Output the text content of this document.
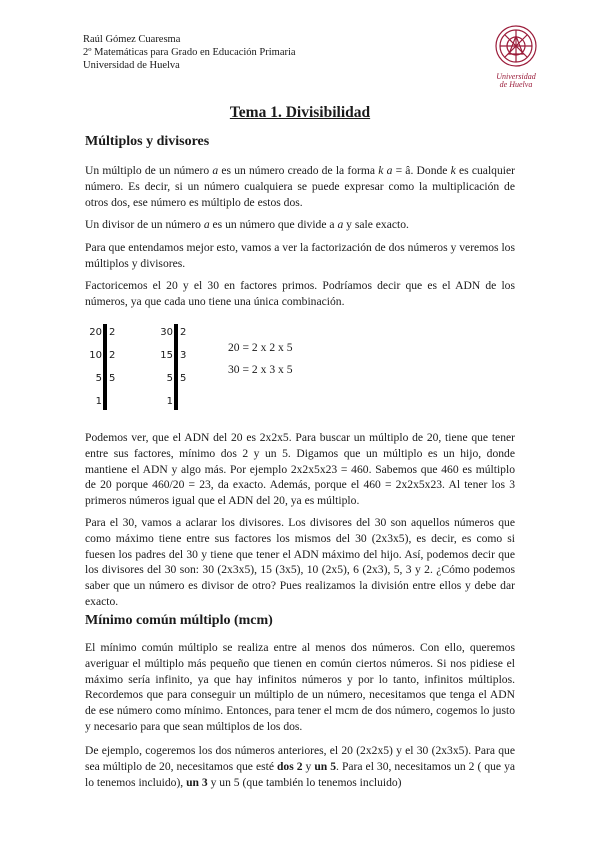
Raúl Gómez Cuaresma
2º Matemáticas para Grado en Educación Primaria
Universidad de Huelva
Universidad
de Huelva
Tema 1. Divisibilidad
Múltiplos y divisores
Un múltiplo de un número a es un número creado de la forma k a = â. Donde k es cualquier número. Es decir, si un número cualquiera se puede expresar como la multiplicación de otros dos, ese número es múltiplo de estos dos.
Un divisor de un número a es un número que divide a a y sale exacto.
Para que entendamos mejor esto, vamos a ver la factorización de dos números y veremos los múltiplos y divisores.
Factoricemos el 20 y el 30 en factores primos. Podríamos decir que es el ADN de los números, ya que cada uno tiene una única combinación.
20
10
5
1
2
2
5
30
15
5
1
2
3
5
20 = 2 x 2 x 5
30 = 2 x 3 x 5
Podemos ver, que el ADN del 20 es 2x2x5. Para buscar un múltiplo de 20, tiene que tener entre sus factores, mínimo dos 2 y un 5. Digamos que un múltiplo es un hijo, donde mantiene el ADN y algo más. Por ejemplo 2x2x5x23 = 460. Sabemos que 460 es múltiplo de 20 porque 460/20 = 23, da exacto. Además, porque el 460 = 2x2x5x23. Al tener los 3 primeros números igual que el ADN del 20, ya es múltiplo.
Para el 30, vamos a aclarar los divisores. Los divisores del 30 son aquellos números que como máximo tiene entre sus factores los mismos del 30 (2x3x5), es decir, es como si fuesen los padres del 30 y tiene que tener el ADN máximo del hijo. Así, podemos decir que los divisores del 30 son: 30 (2x3x5), 15 (3x5), 10 (2x5), 6 (2x3), 5, 3 y 2. ¿Cómo podemos saber que un número es divisor de otro? Pues realizamos la división entre ellos y debe dar exacto.
Mínimo común múltiplo (mcm)
El mínimo común múltiplo se realiza entre al menos dos números. Con ello, queremos averiguar el múltiplo más pequeño que tienen en común ciertos números. Si nos pidiese el máximo sería infinito, ya que hay infinitos números y por lo tanto, infinitos múltiplos. Recordemos que para conseguir un múltiplo de un número, necesitamos que tenga el ADN de ese número como mínimo. Entonces, para tener el mcm de dos número, cogemos lo justo y necesario para que sean múltiplos de los dos.
De ejemplo, cogeremos los dos números anteriores, el 20 (2x2x5) y el 30 (2x3x5). Para que sea múltiplo de 20, necesitamos que esté dos 2 y un 5. Para el 30, necesitamos un 2 ( que ya lo tenemos incluido), un 3 y un 5 (que también lo tenemos incluido)
